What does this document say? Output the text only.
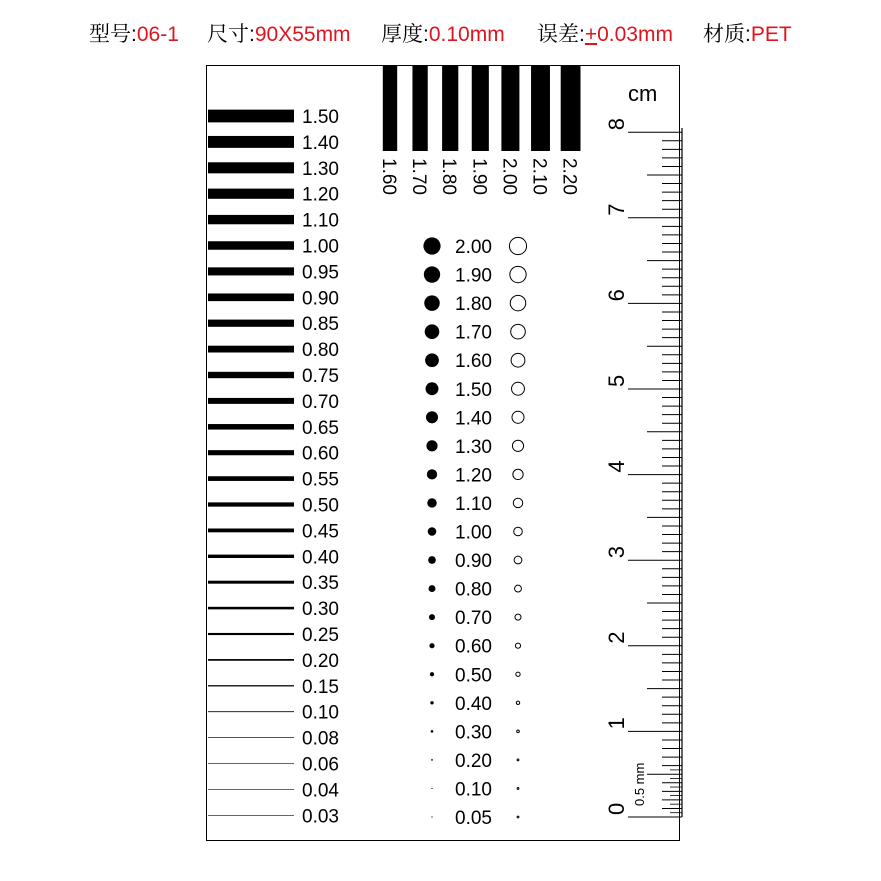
型号:06-1 尺寸:90X55mm 厚度:0.10mm 误差:+0.03mm 材质:PET
1.50
1.40
1.30
1.20
1.10
1.00
0.95
0.90
0.85
0.80
0.75
0.70
0.65
0.60
0.55
0.50
0.45
0.40
0.35
0.30
0.25
0.20
0.15
0.10
0.08
0.06
0.04
0.03
1.60 1.70 1.80 1.90 2.00 2.10 2.20
2.00
1.90
1.80
1.70
1.60
1.50
1.40
1.30
1.20
1.10
1.00
0.90
0.80
0.70
0.60
0.50
0.40
0.30
0.20
0.10
0.05	0
1
2
3
4
5
6
7
8
cm
0.5 mm
